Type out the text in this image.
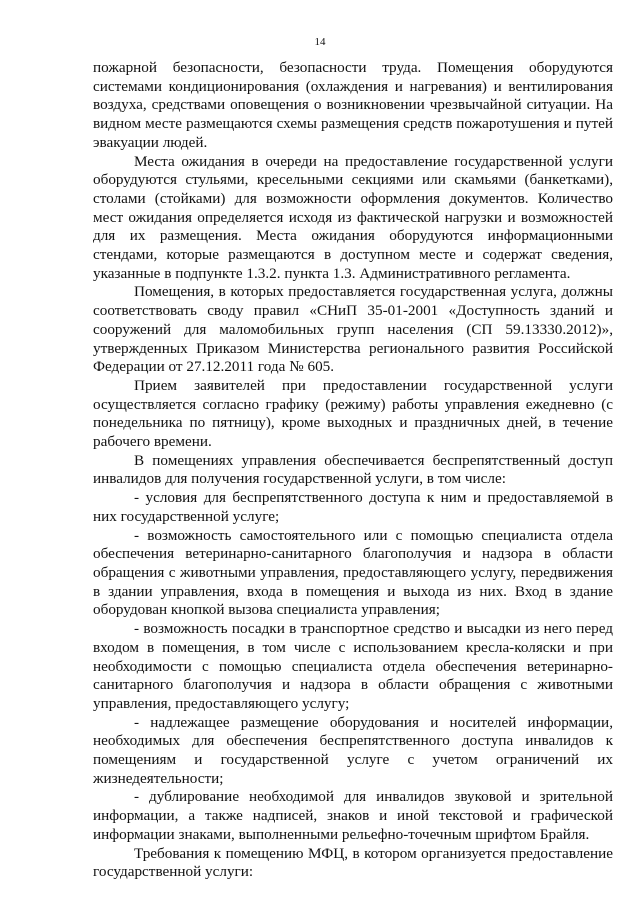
14

пожарной безопасности, безопасности труда. Помещения оборудуются системами кондиционирования (охлаждения и нагревания) и вентилирования воздуха, средствами оповещения о возникновении чрезвычайной ситуации. На видном месте размещаются схемы размещения средств пожаротушения и путей эвакуации людей.

Места ожидания в очереди на предоставление государственной услуги оборудуются стульями, кресельными секциями или скамьями (банкетками), столами (стойками) для возможности оформления документов. Количество мест ожидания определяется исходя из фактической нагрузки и возможностей для их размещения. Места ожидания оборудуются информационными стендами, которые размещаются в доступном месте и содержат сведения, указанные в подпункте 1.3.2. пункта 1.3. Административного регламента.

Помещения, в которых предоставляется государственная услуга, должны соответствовать своду правил «СНиП 35-01-2001 «Доступность зданий и сооружений для маломобильных групп населения (СП 59.13330.2012)», утвержденных Приказом Министерства регионального развития Российской Федерации от 27.12.2011 года № 605.

Прием заявителей при предоставлении государственной услуги осуществляется согласно графику (режиму) работы управления ежедневно (с понедельника по пятницу), кроме выходных и праздничных дней, в течение рабочего времени.

В помещениях управления обеспечивается беспрепятственный доступ инвалидов для получения государственной услуги, в том числе:

- условия для беспрепятственного доступа к ним и предоставляемой в них государственной услуге;

- возможность самостоятельного или с помощью специалиста отдела обеспечения ветеринарно-санитарного благополучия и надзора в области обращения с животными управления, предоставляющего услугу, передвижения в здании управления, входа в помещения и выхода из них. Вход в здание оборудован кнопкой вызова специалиста управления;

- возможность посадки в транспортное средство и высадки из него перед входом в помещения, в том числе с использованием кресла-коляски и при необходимости с помощью специалиста отдела обеспечения ветеринарно-санитарного благополучия и надзора в области обращения с животными управления, предоставляющего услугу;

- надлежащее размещение оборудования и носителей информации, необходимых для обеспечения беспрепятственного доступа инвалидов к помещениям и государственной услуге с учетом ограничений их жизнедеятельности;

- дублирование необходимой для инвалидов звуковой и зрительной информации, а также надписей, знаков и иной текстовой и графической информации знаками, выполненными рельефно-точечным шрифтом Брайля.

Требования к помещению МФЦ, в котором организуется предоставление государственной услуги:
